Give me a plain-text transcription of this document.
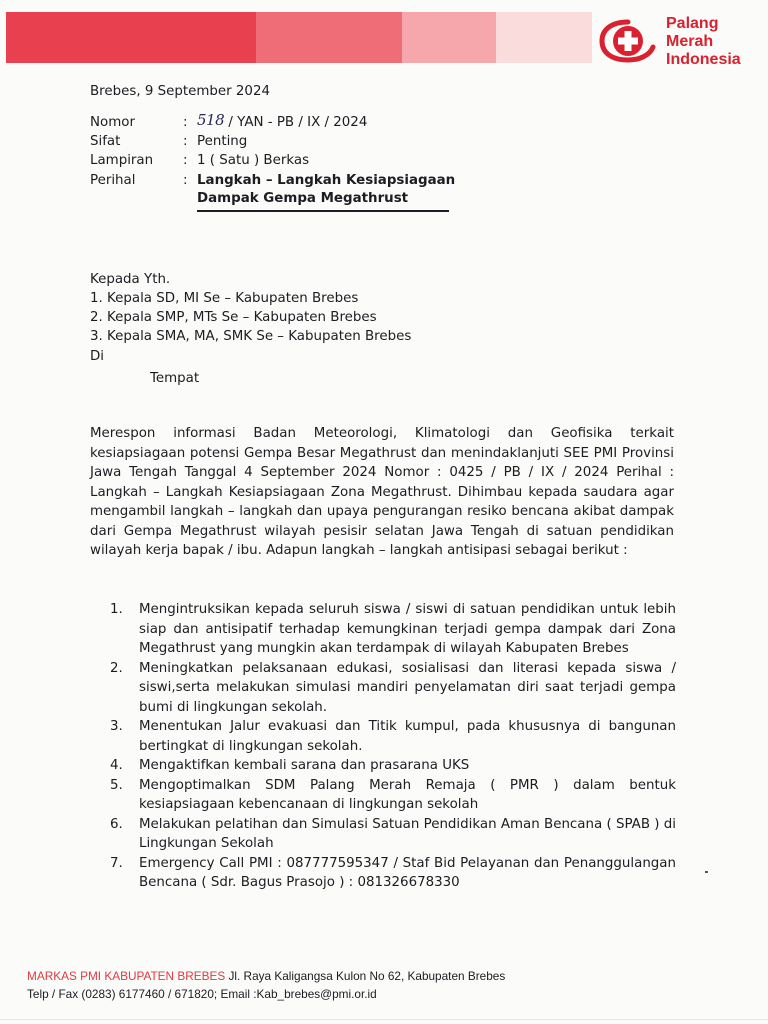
Palang
Merah
Indonesia
Brebes, 9 September 2024
Nomor	: 518 / YAN - PB / IX / 2024
Sifat	: Penting
Lampiran : 1 ( Satu ) Berkas
Perihal	: Langkah – Langkah Kesiapsiagaan
Dampak Gempa Megathrust
Kepada Yth.
1. Kepala SD, MI Se – Kabupaten Brebes
2. Kepala SMP, MTs Se – Kabupaten Brebes
3. Kepala SMA, MA, SMK Se – Kabupaten Brebes
Di
Tempat
Merespon informasi Badan Meteorologi, Klimatologi dan Geofisika terkait kesiapsiagaan potensi Gempa Besar Megathrust dan menindaklanjuti SEE PMI Provinsi Jawa Tengah Tanggal 4 September 2024 Nomor : 0425 / PB / IX / 2024 Perihal : Langkah – Langkah Kesiapsiagaan Zona Megathrust. Dihimbau kepada saudara agar mengambil langkah – langkah dan upaya pengurangan resiko bencana akibat dampak dari Gempa Megathrust wilayah pesisir selatan Jawa Tengah di satuan pendidikan wilayah kerja bapak / ibu. Adapun langkah – langkah antisipasi sebagai berikut :
1. Mengintruksikan kepada seluruh siswa / siswi di satuan pendidikan untuk lebih siap dan antisipatif terhadap kemungkinan terjadi gempa dampak dari Zona Megathrust yang mungkin akan terdampak di wilayah Kabupaten Brebes
2. Meningkatkan pelaksanaan edukasi, sosialisasi dan literasi kepada siswa / siswi,serta melakukan simulasi mandiri penyelamatan diri saat terjadi gempa bumi di lingkungan sekolah.
3. Menentukan Jalur evakuasi dan Titik kumpul, pada khususnya di bangunan bertingkat di lingkungan sekolah.
4. Mengaktifkan kembali sarana dan prasarana UKS
5. Mengoptimalkan SDM Palang Merah Remaja ( PMR ) dalam bentuk kesiapsiagaan kebencanaan di lingkungan sekolah
6. Melakukan pelatihan dan Simulasi Satuan Pendidikan Aman Bencana ( SPAB ) di Lingkungan Sekolah
7. Emergency Call PMI : 087777595347 / Staf Bid Pelayanan dan Penanggulangan Bencana ( Sdr. Bagus Prasojo ) : 081326678330
MARKAS PMI KABUPATEN BREBES Jl. Raya Kaligangsa Kulon No 62, Kabupaten Brebes
Telp / Fax (0283) 6177460 / 671820; Email :Kab_brebes@pmi.or.id
